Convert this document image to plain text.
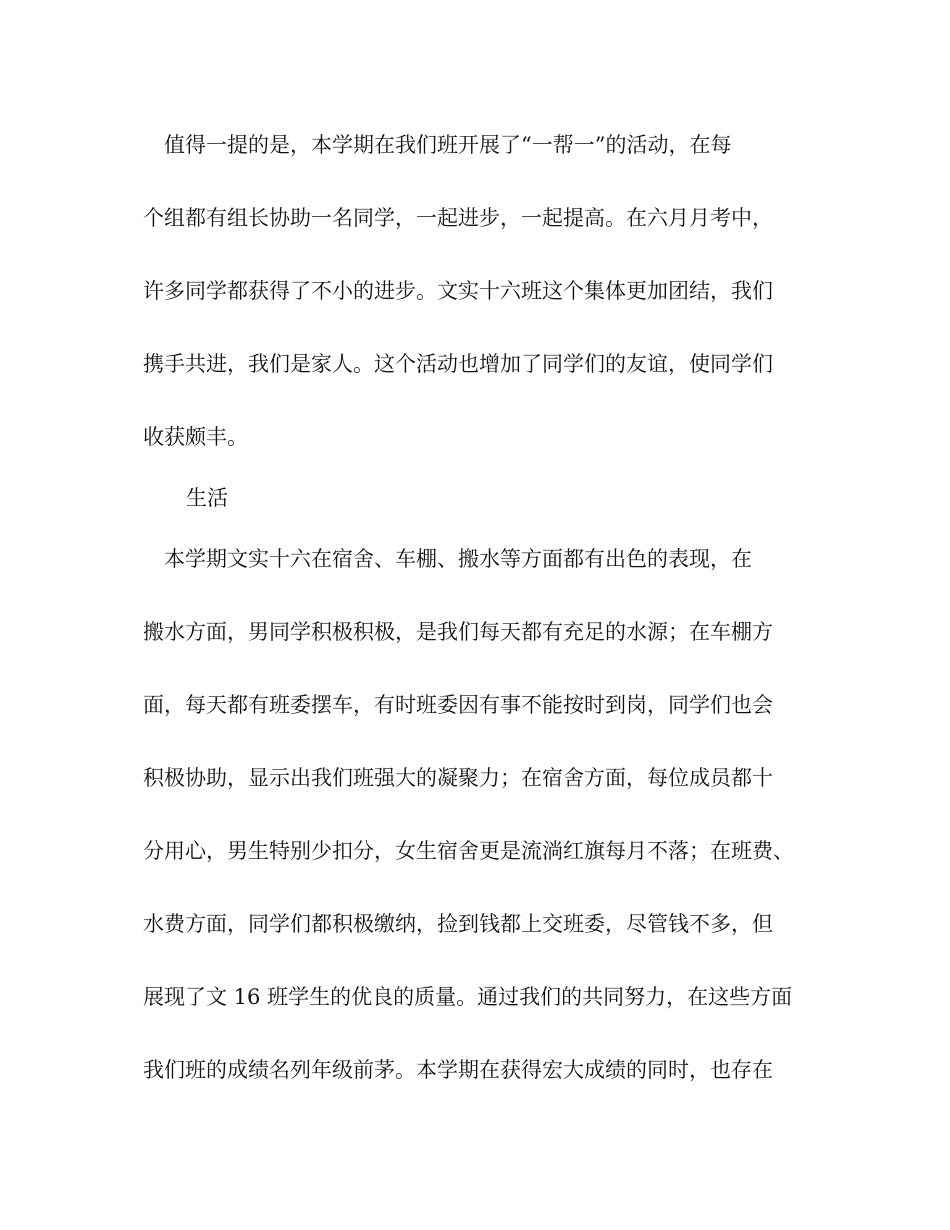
　值得一提的是，本学期在我们班开展了“一帮一”的活动，在每

个组都有组长协助一名同学，一起进步，一起提高。在六月月考中，

许多同学都获得了不小的进步。文实十六班这个集体更加团结，我们

携手共进，我们是家人。这个活动也增加了同学们的友谊，使同学们

收获颇丰。

生活

　本学期文实十六在宿舍、车棚、搬水等方面都有出色的表现，在

搬水方面，男同学积极积极，是我们每天都有充足的水源；在车棚方

面，每天都有班委摆车，有时班委因有事不能按时到岗，同学们也会

积极协助，显示出我们班强大的凝聚力；在宿舍方面，每位成员都十

分用心，男生特别少扣分，女生宿舍更是流淌红旗每月不落；在班费、

水费方面，同学们都积极缴纳，捡到钱都上交班委，尽管钱不多，但

展现了文 16 班学生的优良的质量。通过我们的共同努力，在这些方面

我们班的成绩名列年级前茅。本学期在获得宏大成绩的同时，也存在
